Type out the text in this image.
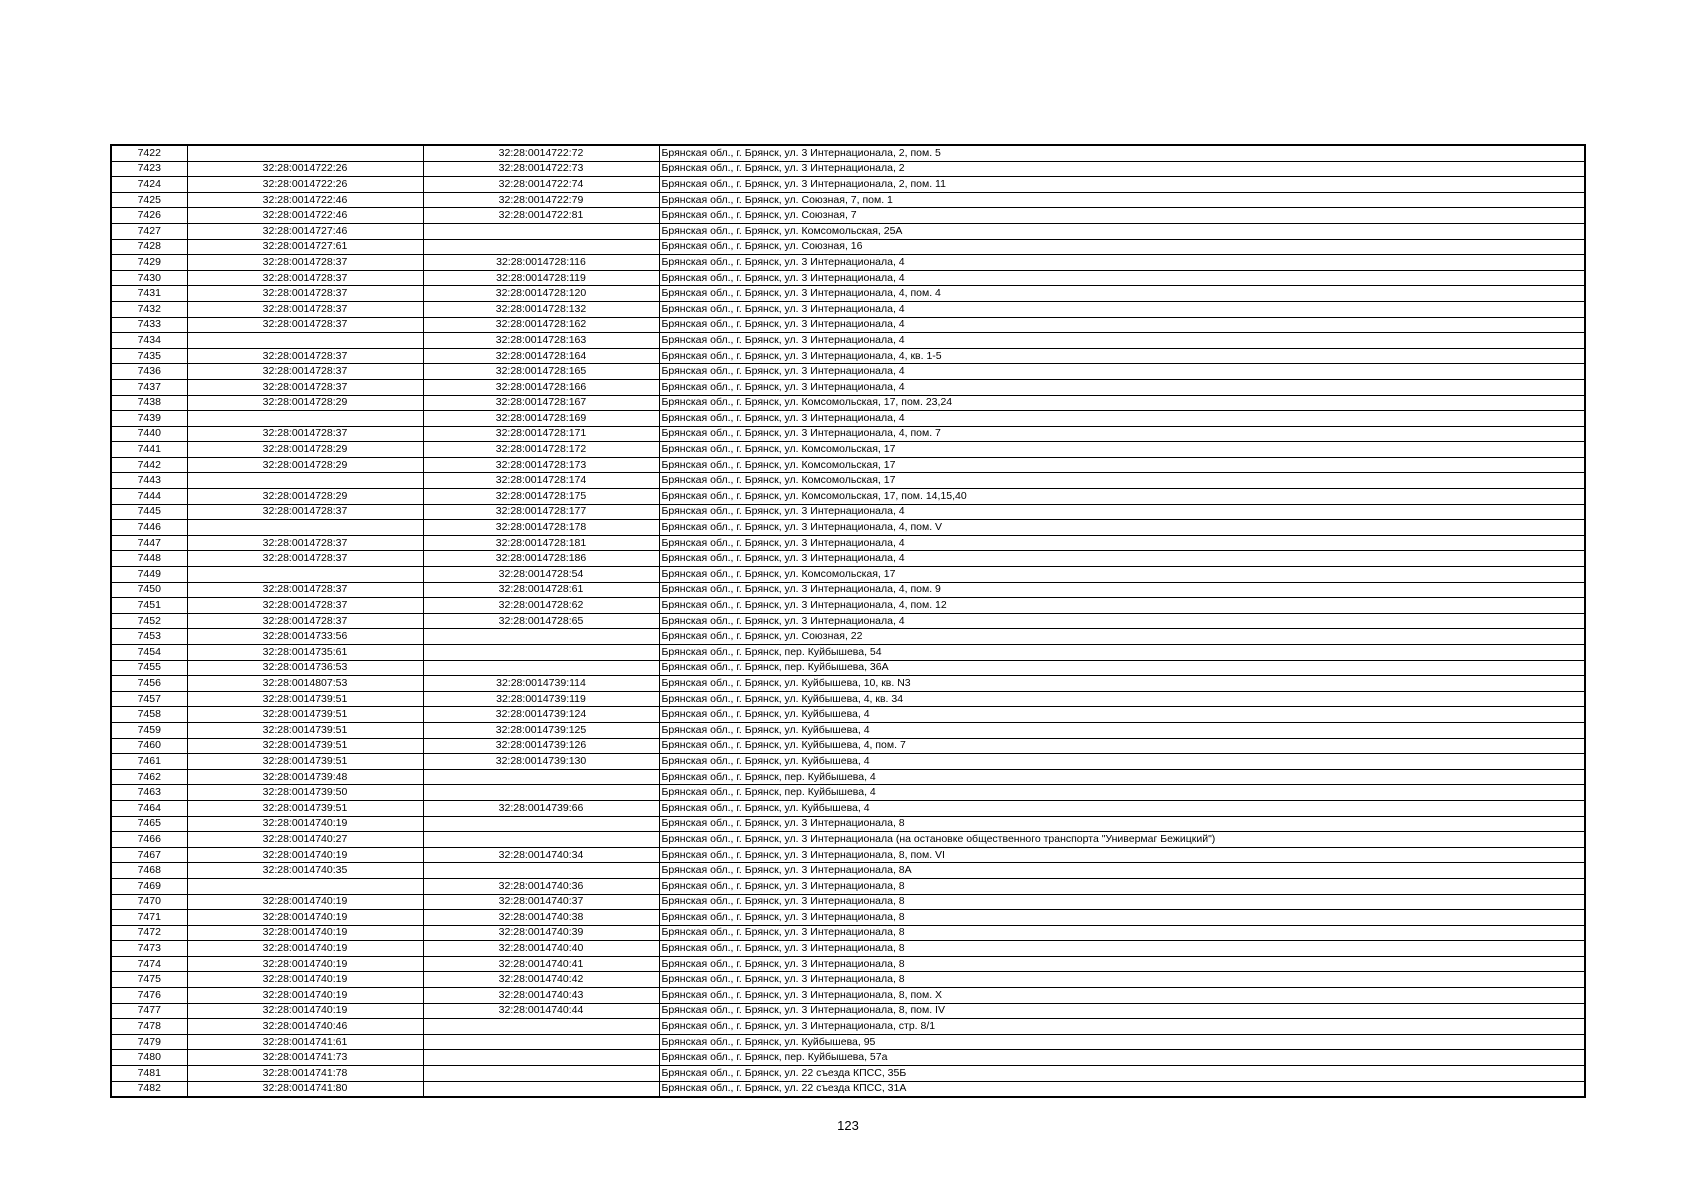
7422		32:28:0014722:72	Брянская обл., г. Брянск, ул. 3 Интернационала, 2, пом. 5
7423	32:28:0014722:26	32:28:0014722:73	Брянская обл., г. Брянск, ул. 3 Интернационала, 2
7424	32:28:0014722:26	32:28:0014722:74	Брянская обл., г. Брянск, ул. 3 Интернационала, 2, пом. 11
7425	32:28:0014722:46	32:28:0014722:79	Брянская обл., г. Брянск, ул. Союзная, 7, пом. 1
7426	32:28:0014722:46	32:28:0014722:81	Брянская обл., г. Брянск, ул. Союзная, 7
7427	32:28:0014727:46		Брянская обл., г. Брянск, ул. Комсомольская, 25А
7428	32:28:0014727:61		Брянская обл., г. Брянск, ул. Союзная, 16
7429	32:28:0014728:37	32:28:0014728:116	Брянская обл., г. Брянск, ул. 3 Интернационала, 4
7430	32:28:0014728:37	32:28:0014728:119	Брянская обл., г. Брянск, ул. 3 Интернационала, 4
7431	32:28:0014728:37	32:28:0014728:120	Брянская обл., г. Брянск, ул. 3 Интернационала, 4, пом. 4
7432	32:28:0014728:37	32:28:0014728:132	Брянская обл., г. Брянск, ул. 3 Интернационала, 4
7433	32:28:0014728:37	32:28:0014728:162	Брянская обл., г. Брянск, ул. 3 Интернационала, 4
7434		32:28:0014728:163	Брянская обл., г. Брянск, ул. 3 Интернационала, 4
7435	32:28:0014728:37	32:28:0014728:164	Брянская обл., г. Брянск, ул. 3 Интернационала, 4, кв. 1-5
7436	32:28:0014728:37	32:28:0014728:165	Брянская обл., г. Брянск, ул. 3 Интернационала, 4
7437	32:28:0014728:37	32:28:0014728:166	Брянская обл., г. Брянск, ул. 3 Интернационала, 4
7438	32:28:0014728:29	32:28:0014728:167	Брянская обл., г. Брянск, ул. Комсомольская, 17, пом. 23,24
7439		32:28:0014728:169	Брянская обл., г. Брянск, ул. 3 Интернационала, 4
7440	32:28:0014728:37	32:28:0014728:171	Брянская обл., г. Брянск, ул. 3 Интернационала, 4, пом. 7
7441	32:28:0014728:29	32:28:0014728:172	Брянская обл., г. Брянск, ул. Комсомольская, 17
7442	32:28:0014728:29	32:28:0014728:173	Брянская обл., г. Брянск, ул. Комсомольская, 17
7443		32:28:0014728:174	Брянская обл., г. Брянск, ул. Комсомольская, 17
7444	32:28:0014728:29	32:28:0014728:175	Брянская обл., г. Брянск, ул. Комсомольская, 17, пом. 14,15,40
7445	32:28:0014728:37	32:28:0014728:177	Брянская обл., г. Брянск, ул. 3 Интернационала, 4
7446		32:28:0014728:178	Брянская обл., г. Брянск, ул. 3 Интернационала, 4, пом. V
7447	32:28:0014728:37	32:28:0014728:181	Брянская обл., г. Брянск, ул. 3 Интернационала, 4
7448	32:28:0014728:37	32:28:0014728:186	Брянская обл., г. Брянск, ул. 3 Интернационала, 4
7449		32:28:0014728:54	Брянская обл., г. Брянск, ул. Комсомольская, 17
7450	32:28:0014728:37	32:28:0014728:61	Брянская обл., г. Брянск, ул. 3 Интернационала, 4, пом. 9
7451	32:28:0014728:37	32:28:0014728:62	Брянская обл., г. Брянск, ул. 3 Интернационала, 4, пом. 12
7452	32:28:0014728:37	32:28:0014728:65	Брянская обл., г. Брянск, ул. 3 Интернационала, 4
7453	32:28:0014733:56		Брянская обл., г. Брянск, ул. Союзная, 22
7454	32:28:0014735:61		Брянская обл., г. Брянск, пер. Куйбышева, 54
7455	32:28:0014736:53		Брянская обл., г. Брянск, пер. Куйбышева, 36А
7456	32:28:0014807:53	32:28:0014739:114	Брянская обл., г. Брянск, ул. Куйбышева, 10, кв. N3
7457	32:28:0014739:51	32:28:0014739:119	Брянская обл., г. Брянск, ул. Куйбышева, 4, кв. 34
7458	32:28:0014739:51	32:28:0014739:124	Брянская обл., г. Брянск, ул. Куйбышева, 4
7459	32:28:0014739:51	32:28:0014739:125	Брянская обл., г. Брянск, ул. Куйбышева, 4
7460	32:28:0014739:51	32:28:0014739:126	Брянская обл., г. Брянск, ул. Куйбышева, 4, пом. 7
7461	32:28:0014739:51	32:28:0014739:130	Брянская обл., г. Брянск, ул. Куйбышева, 4
7462	32:28:0014739:48		Брянская обл., г. Брянск, пер. Куйбышева, 4
7463	32:28:0014739:50		Брянская обл., г. Брянск, пер. Куйбышева, 4
7464	32:28:0014739:51	32:28:0014739:66	Брянская обл., г. Брянск, ул. Куйбышева, 4
7465	32:28:0014740:19		Брянская обл., г. Брянск, ул. 3 Интернационала, 8
7466	32:28:0014740:27		Брянская обл., г. Брянск, ул. 3 Интернационала (на остановке общественного транспорта "Универмаг Бежицкий")
7467	32:28:0014740:19	32:28:0014740:34	Брянская обл., г. Брянск, ул. 3 Интернационала, 8, пом. VI
7468	32:28:0014740:35		Брянская обл., г. Брянск, ул. 3 Интернационала, 8А
7469		32:28:0014740:36	Брянская обл., г. Брянск, ул. 3 Интернационала, 8
7470	32:28:0014740:19	32:28:0014740:37	Брянская обл., г. Брянск, ул. 3 Интернационала, 8
7471	32:28:0014740:19	32:28:0014740:38	Брянская обл., г. Брянск, ул. 3 Интернационала, 8
7472	32:28:0014740:19	32:28:0014740:39	Брянская обл., г. Брянск, ул. 3 Интернационала, 8
7473	32:28:0014740:19	32:28:0014740:40	Брянская обл., г. Брянск, ул. 3 Интернационала, 8
7474	32:28:0014740:19	32:28:0014740:41	Брянская обл., г. Брянск, ул. 3 Интернационала, 8
7475	32:28:0014740:19	32:28:0014740:42	Брянская обл., г. Брянск, ул. 3 Интернационала, 8
7476	32:28:0014740:19	32:28:0014740:43	Брянская обл., г. Брянск, ул. 3 Интернационала, 8, пом. X
7477	32:28:0014740:19	32:28:0014740:44	Брянская обл., г. Брянск, ул. 3 Интернационала, 8, пом. IV
7478	32:28:0014740:46		Брянская обл., г. Брянск, ул. 3 Интернационала, стр. 8/1
7479	32:28:0014741:61		Брянская обл., г. Брянск, ул. Куйбышева, 95
7480	32:28:0014741:73		Брянская обл., г. Брянск, пер. Куйбышева, 57а
7481	32:28:0014741:78		Брянская обл., г. Брянск, ул. 22 съезда КПСС, 35Б
7482	32:28:0014741:80		Брянская обл., г. Брянск, ул. 22 съезда КПСС, 31А
123
